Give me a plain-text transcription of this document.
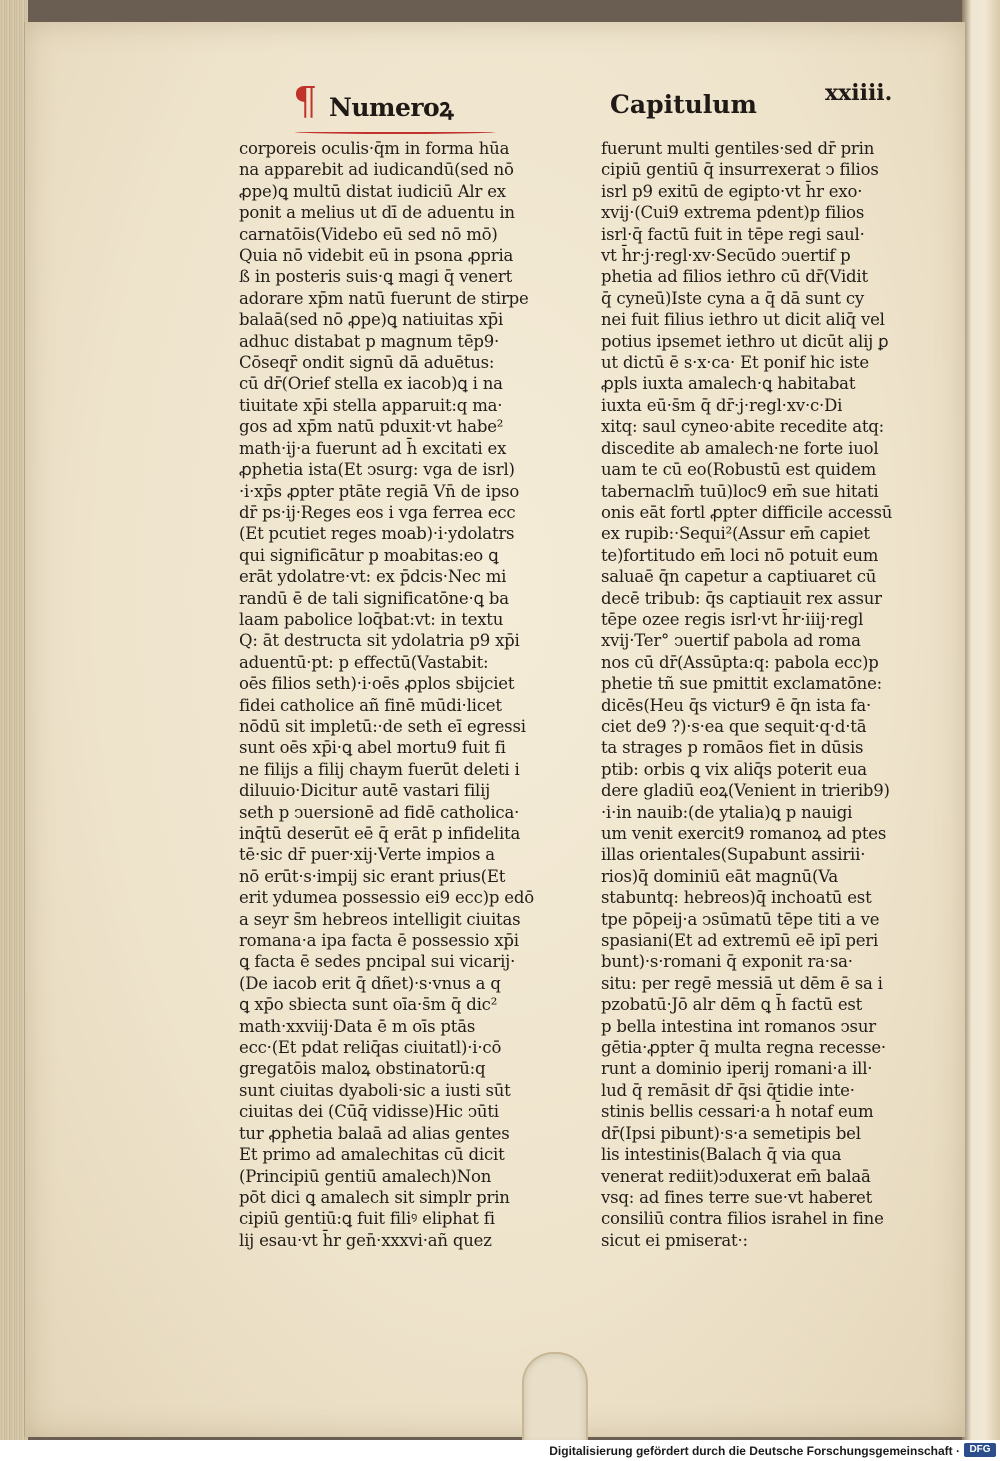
¶ Numeroꝝ	Capitulum	xxiiii.
corporeis oculis·q̄m in forma hūa
na apparebit ad iudicandū(sed nō
ꝓpe)ꝗ multū distat iudiciū Alr ex
ponit a melius ut dī de aduentu in
carnatōis(Videbo eū sed nō mō)
Quia nō videbit eū in psona ꝓpria
ß in posteris suis·ꝗ magi q̄ venert
adorare xp̄m natū fuerunt de stirpe
balaā(sed nō ꝓpe)ꝗ natiuitas xp̄i
adhuc distabat p magnum tēp9·
Cōseqr̄ ondit signū dā aduētus:
cū dr̄(Orief stella ex iacob)ꝗ i na
tiuitate xp̄i stella apparuit:q ma·
gos ad xp̄m natū pduxit·vt habe²
math·ij·a fuerunt ad h̄ excitati ex
ꝓphetia ista(Et ↄsurg: vga de isrl)
·i·xp̄s ꝓpter ptāte regiā Vn̄ de ipso
dr̄ ps·ij·Reges eos i vga ferrea ecc
(Et pcutiet reges moab)·i·ydolatrs
qui significātur p moabitas:eo ꝗ
erāt ydolatre·vt: ex p̄dcis·Nec mi
randū ē de tali significatōne·ꝗ ba
laam pabolice loq̄bat:vt: in textu
Q: āt destructa sit ydolatria p9 xp̄i
aduentū·pt: p effectū(Vastabit:
oēs filios seth)·i·oēs ꝓplos sbijciet
fidei catholice añ finē mūdi·licet
nōdū sit impletū:·de seth eī egressi
sunt oēs xp̄i·ꝗ abel mortu9 fuit fi
ne filijs a filij chaym fuerūt deleti i
diluuio·Dicitur autē vastari filij
seth p ↄuersionē ad fidē catholica·
inq̄tū deserūt eē q̄ erāt p infidelita
tē·sic dr̄ puer·xij·Verte impios a
nō erūt·s·impij sic erant prius(Et
erit ydumea possessio ei9 ecc)p edō
a seyr s̄m hebreos intelligit ciuitas
romana·a ipa facta ē possessio xp̄i
ꝗ facta ē sedes pncipal sui vicarij·
(De iacob erit q̄ dñet)·s·vnus a q
ꝗ xp̄o sbiecta sunt oīa·s̄m q̄ dic²
math·xxviij·Data ē m oīs ptās
ecc·(Et pdat reliq̄as ciuitatl)·i·cō
gregatōis maloꝝ obstinatorū:q
sunt ciuitas dyaboli·sic a iusti sūt
ciuitas dei (Cūq̄ vidisse)Hic ↄūti
tur ꝓphetia balaā ad alias gentes
Et primo ad amalechitas cū dicit
(Principiū gentiū amalech)Non
pōt dici ꝗ amalech sit simplr prin
cipiū gentiū:ꝗ fuit filiꝰ eliphat fi
lij esau·vt h̄r gen̄·xxxvi·añ quez
fuerunt multi gentiles·sed dr̄ prin
cipiū gentiū q̄ insurrexerat ↄ filios
isrl p9 exitū de egipto·vt h̄r exo·
xvij·(Cui9 extrema pdent)p filios
isrl·q̄ factū fuit in tēpe regi saul·
vt h̄r·j·regl·xv·Secūdo ↄuertif p
phetia ad filios iethro cū dr̄(Vidit
q̄ cyneū)Iste cyna a q̄ dā sunt cy
nei fuit filius iethro ut dicit aliq̄ vel
potius ipsemet iethro ut dicūt alij ꝑ
ut dictū ē s·x·ca· Et ponif hic iste
ꝓpls iuxta amalech·ꝗ habitabat
iuxta eū·s̄m q̄ dr̄·j·regl·xv·c·Di
xitq: saul cyneo·abite recedite atq:
discedite ab amalech·ne forte iuol
uam te cū eo(Robustū est quidem
tabernaclm̄ tuū)loc9 em̄ sue hitati
onis eāt fortl ꝓpter difficile accessū
ex rupib:·Sequi²(Assur em̄ capiet
te)fortitudo em̄ loci nō potuit eum
saluaē q̄n capetur a captiuaret cū
decē tribub: q̄s captiauit rex assur
tēpe ozee regis isrl·vt h̄r·iiij·regl
xvij·Ter° ↄuertif pabola ad roma
nos cū dr̄(Assūpta:q: pabola ecc)p
phetie tñ sue pmittit exclamatōne:
dicēs(Heu q̄s victur9 ē q̄n ista fa·
ciet de9 ?)·s·ea que sequit·q·d·tā
ta strages p romāos fiet in dūsis
ptib: orbis ꝗ vix aliq̄s poterit eua
dere gladiū eoꝝ(Venient in trierib9)
·i·in nauib:(de ytalia)ꝗ p nauigi
um venit exercit9 romanoꝝ ad ptes
illas orientales(Supabunt assirii·
rios)q̄ dominiū eāt magnū(Va
stabuntq: hebreos)q̄ inchoatū est
tpe pōpeij·a ↄsūmatū tēpe titi a ve
spasiani(Et ad extremū eē ipī peri
bunt)·s·romani q̄ exponit ra·sa·
situ: per regē messiā ut dēm ē sa i
pzobatū·Jō alr dēm ꝗ h̄ factū est
p bella intestina int romanos ↄsur
gētia·ꝓpter q̄ multa regna recesse·
runt a dominio iperij romani·a ill·
lud q̄ remāsit dr̄ q̄si q̄tidie inte·
stinis bellis cessari·a h̄ notaf eum
dr̄(Ipsi pibunt)·s·a semetipis bel
lis intestinis(Balach q̄ via qua
venerat rediit)ↄduxerat em̄ balaā
vsq: ad fines terre sue·vt haberet
consiliū contra filios israhel in fine
sicut ei pmiserat·:
Digitalisierung gefördert durch die Deutsche Forschungsgemeinschaft · DFG
